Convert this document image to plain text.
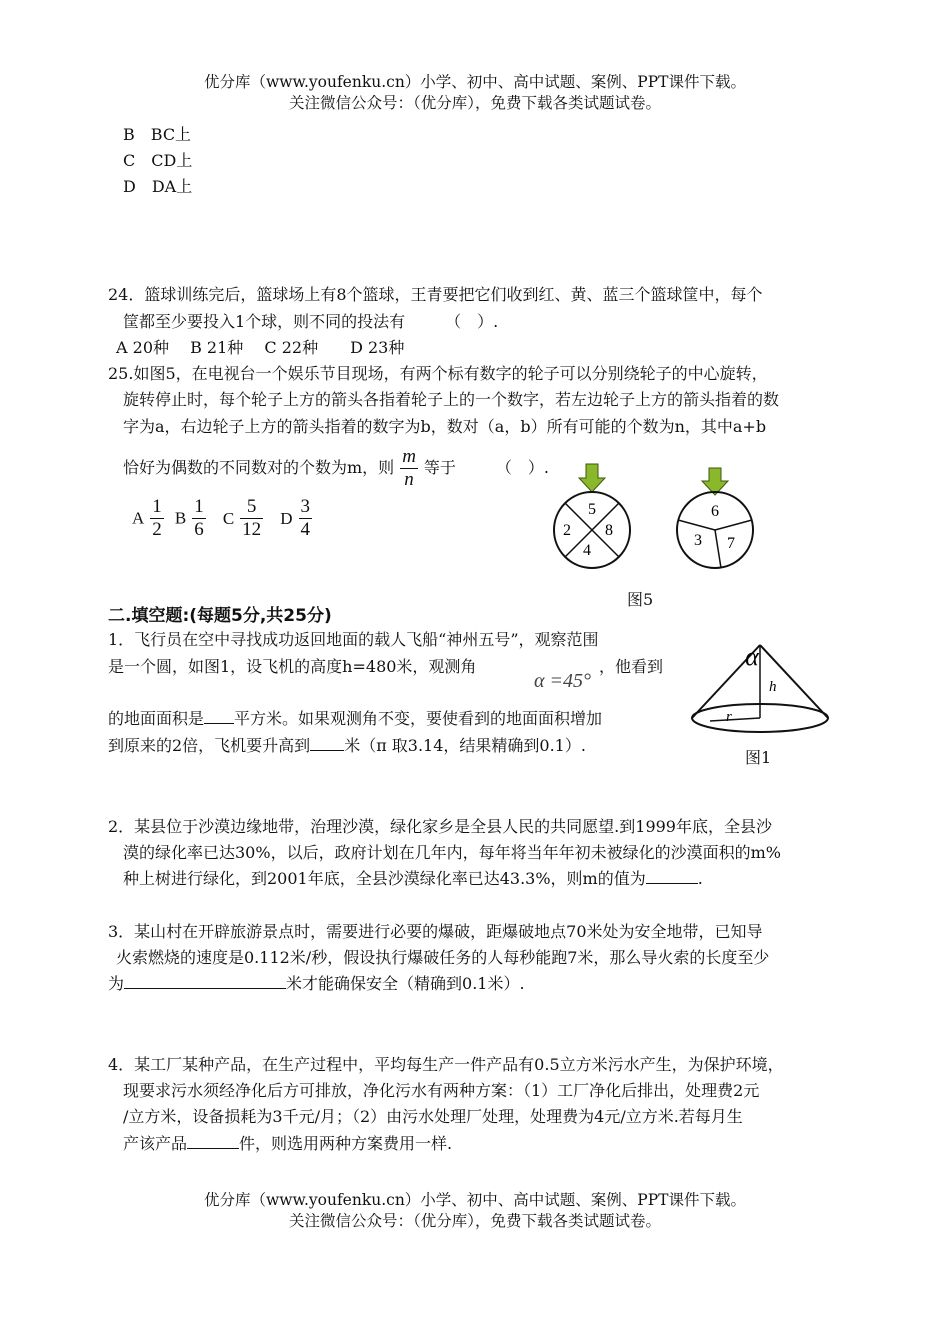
优分库（www.youfenku.cn）小学、初中、高中试题、案例、PPT课件下载。
关注微信公众号：（优分库），免费下载各类试题试卷。
B　BC上
C　CD上
D　DA上
24．篮球训练完后，篮球场上有8个篮球，王青要把它们收到红、黄、蓝三个篮球筐中，每个
筐都至少要投入1个球，则不同的投法有　　　（　）.
A 20种　 B 21种　 C 22种　　D 23种
25.如图5，在电视台一个娱乐节目现场，有两个标有数字的轮子可以分别绕轮子的中心旋转，
旋转停止时，每个轮子上方的箭头各指着轮子上的一个数字，若左边轮子上方的箭头指着的数
字为a，右边轮子上方的箭头指着的数字为b，数对（a，b）所有可能的个数为n，其中a+b
恰好为偶数的不同数对的个数为m，则 $\frac{m}{n}$ 等于　　　（　）.
A $\frac{1}{2}$ B $\frac{1}{6}$ C $\frac{5}{12}$ D $\frac{3}{4}$	5
2 8
4
6
3 7
图5
二.填空题:(每题5分,共25分)
1．飞行员在空中寻找成功返回地面的载人飞船“神州五号”，观察范围
是一个圆，如图1，设飞机的高度h=480米，观测角
α =45°
，他看到
的地面面积是 平方米。如果观测角不变，要使看到的地面面积增加
到原来的2倍，飞机要升高到 米（π 取3.14，结果精确到0.1）.
α
h
r
图1
2．某县位于沙漠边缘地带，治理沙漠，绿化家乡是全县人民的共同愿望.到1999年底，全县沙
漠的绿化率已达30%，以后，政府计划在几年内，每年将当年年初未被绿化的沙漠面积的m%
种上树进行绿化，到2001年底，全县沙漠绿化率已达43.3%，则m的值为	.
3．某山村在开辟旅游景点时，需要进行必要的爆破，距爆破地点70米处为安全地带，已知导
火索燃烧的速度是0.112米/秒，假设执行爆破任务的人每秒能跑7米，那么导火索的长度至少
为	米才能确保安全（精确到0.1米）.
4．某工厂某种产品，在生产过程中，平均每生产一件产品有0.5立方米污水产生，为保护环境，
现要求污水须经净化后方可排放，净化污水有两种方案：（1）工厂净化后排出，处理费2元
/立方米，设备损耗为3千元/月；（2）由污水处理厂处理，处理费为4元/立方米.若每月生
产该产品	件，则选用两种方案费用一样.
优分库（www.youfenku.cn）小学、初中、高中试题、案例、PPT课件下载。
关注微信公众号：（优分库），免费下载各类试题试卷。
